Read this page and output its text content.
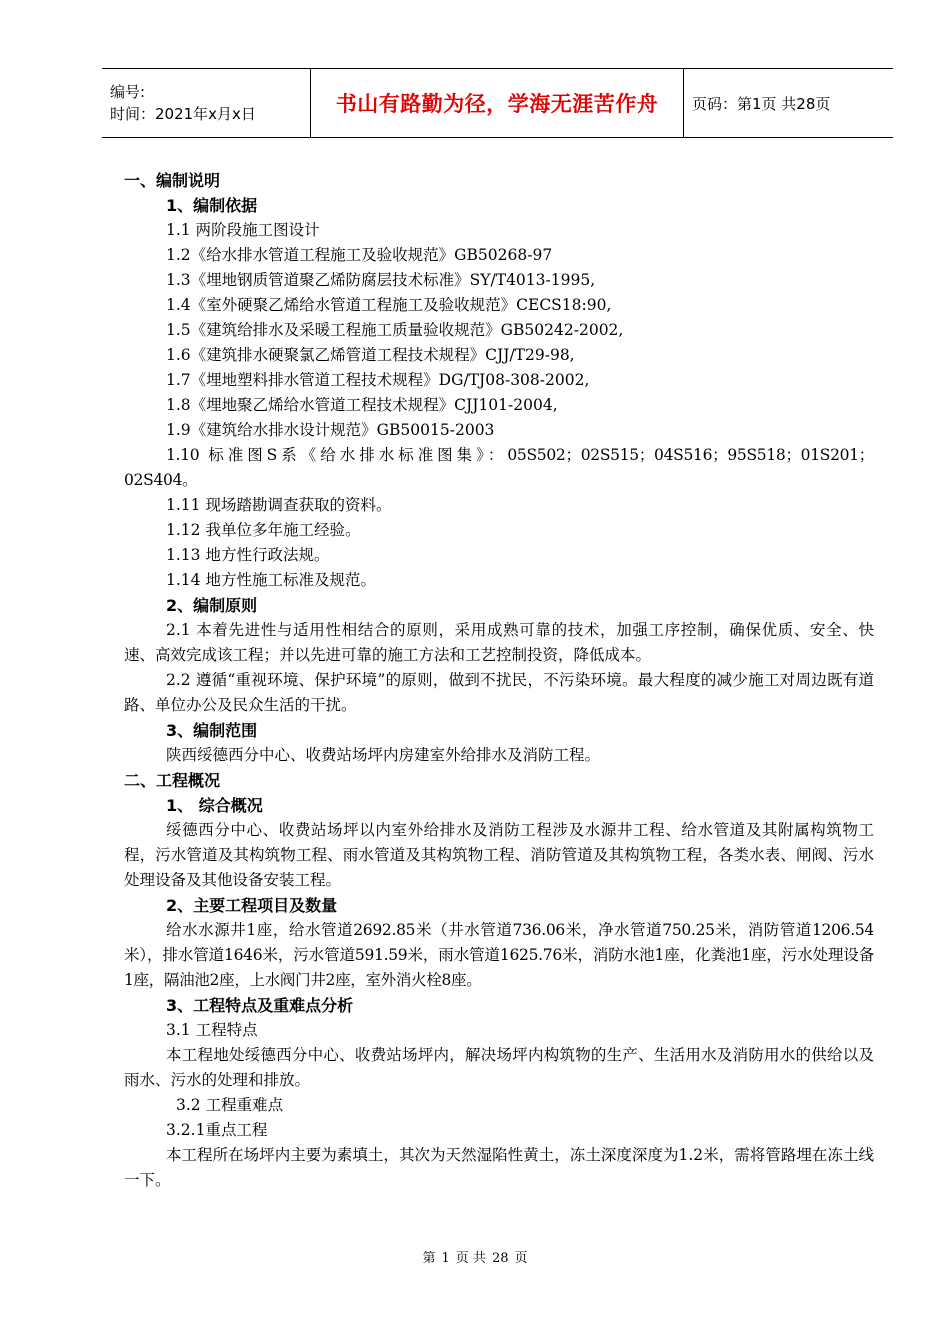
编号:
时间：2021年x月x日	书山有路勤为径，学海无涯苦作舟 页码：第1页 共28页
一、编制说明
1、编制依据
1.1 两阶段施工图设计
1.2《给水排水管道工程施工及验收规范》GB50268-97
1.3《埋地钢质管道聚乙烯防腐层技术标准》SY/T4013-1995,
1.4《室外硬聚乙烯给水管道工程施工及验收规范》CECS18:90,
1.5《建筑给排水及采暖工程施工质量验收规范》GB50242-2002,
1.6《建筑排水硬聚氯乙烯管道工程技术规程》CJJ/T29-98,
1.7《埋地塑料排水管道工程技术规程》DG/TJ08-308-2002,
1.8《埋地聚乙烯给水管道工程技术规程》CJJ101-2004,
1.9《建筑给水排水设计规范》GB50015-2003

1.10 标准图S系《给水排水标准图集》：05S502；02S515；04S516；95S518；01S201；02S404。

1.11 现场踏勘调查获取的资料。
1.12 我单位多年施工经验。
1.13 地方性行政法规。
1.14 地方性施工标准及规范。
2、编制原则

2.1 本着先进性与适用性相结合的原则，采用成熟可靠的技术，加强工序控制，确保优质、安全、快速、高效完成该工程；并以先进可靠的施工方法和工艺控制投资，降低成本。

2.2 遵循“重视环境、保护环境”的原则，做到不扰民，不污染环境。最大程度的减少施工对周边既有道路、单位办公及民众生活的干扰。

3、编制范围

陕西绥德西分中心、收费站场坪内房建室外给排水及消防工程。

二、工程概况
1、 综合概况

绥德西分中心、收费站场坪以内室外给排水及消防工程涉及水源井工程、给水管道及其附属构筑物工程，污水管道及其构筑物工程、雨水管道及其构筑物工程、消防管道及其构筑物工程，各类水表、闸阀、污水处理设备及其他设备安装工程。

2、主要工程项目及数量

给水水源井1座，给水管道2692.85米（井水管道736.06米，净水管道750.25米，消防管道1206.54米），排水管道1646米，污水管道591.59米，雨水管道1625.76米，消防水池1座，化粪池1座，污水处理设备1座，隔油池2座，上水阀门井2座，室外消火栓8座。

3、工程特点及重难点分析
3.1 工程特点

本工程地处绥德西分中心、收费站场坪内，解决场坪内构筑物的生产、生活用水及消防用水的供给以及雨水、污水的处理和排放。

3.2 工程重难点
3.2.1重点工程

本工程所在场坪内主要为素填土，其次为天然湿陷性黄土，冻土深度深度为1.2米，需将管路埋在冻土线一下。

第 1 页 共 28 页
